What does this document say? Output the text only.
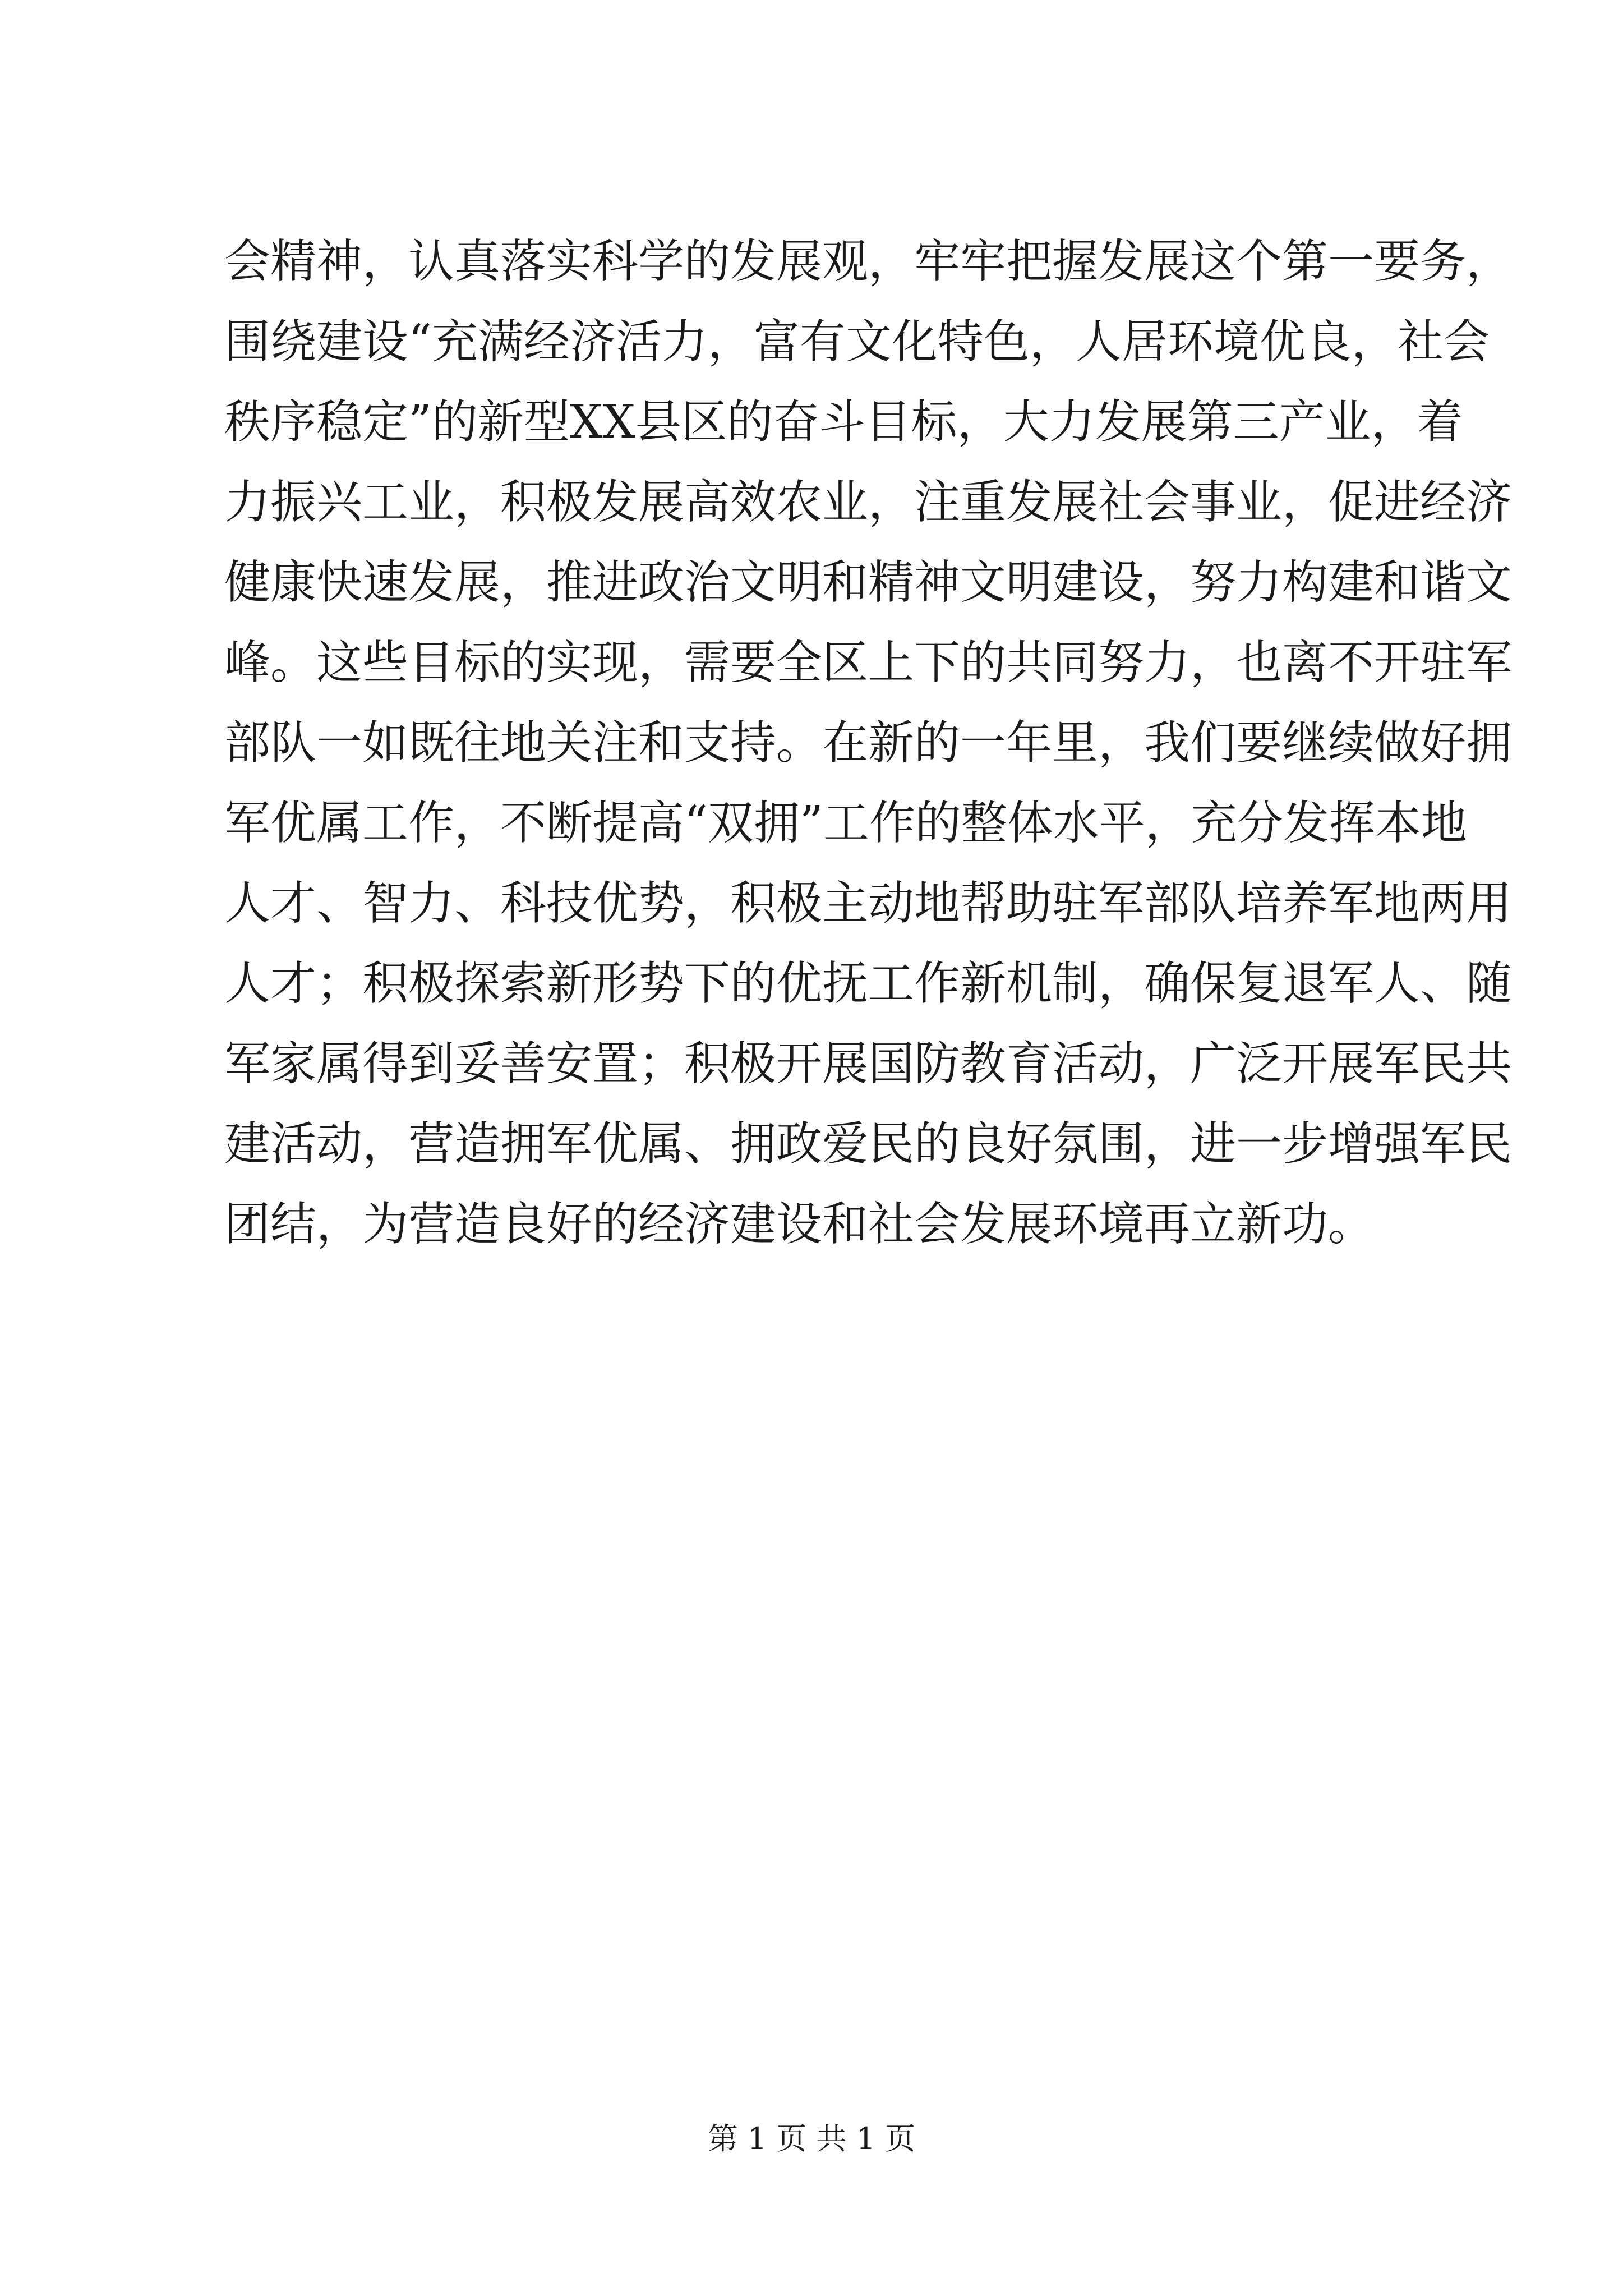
会精神，认真落实科学的发展观，牢牢把握发展这个第一要务，
围绕建设“充满经济活力，富有文化特色，人居环境优良，社会
秩序稳定”的新型XX县区的奋斗目标，大力发展第三产业，着
力振兴工业，积极发展高效农业，注重发展社会事业，促进经济
健康快速发展，推进政治文明和精神文明建设，努力构建和谐文
峰。这些目标的实现，需要全区上下的共同努力，也离不开驻军
部队一如既往地关注和支持。在新的一年里，我们要继续做好拥
军优属工作，不断提高“双拥”工作的整体水平，充分发挥本地
人才、智力、科技优势，积极主动地帮助驻军部队培养军地两用
人才；积极探索新形势下的优抚工作新机制，确保复退军人、随
军家属得到妥善安置；积极开展国防教育活动，广泛开展军民共
建活动，营造拥军优属、拥政爱民的良好氛围，进一步增强军民
团结，为营造良好的经济建设和社会发展环境再立新功。
第 1 页 共 1 页
